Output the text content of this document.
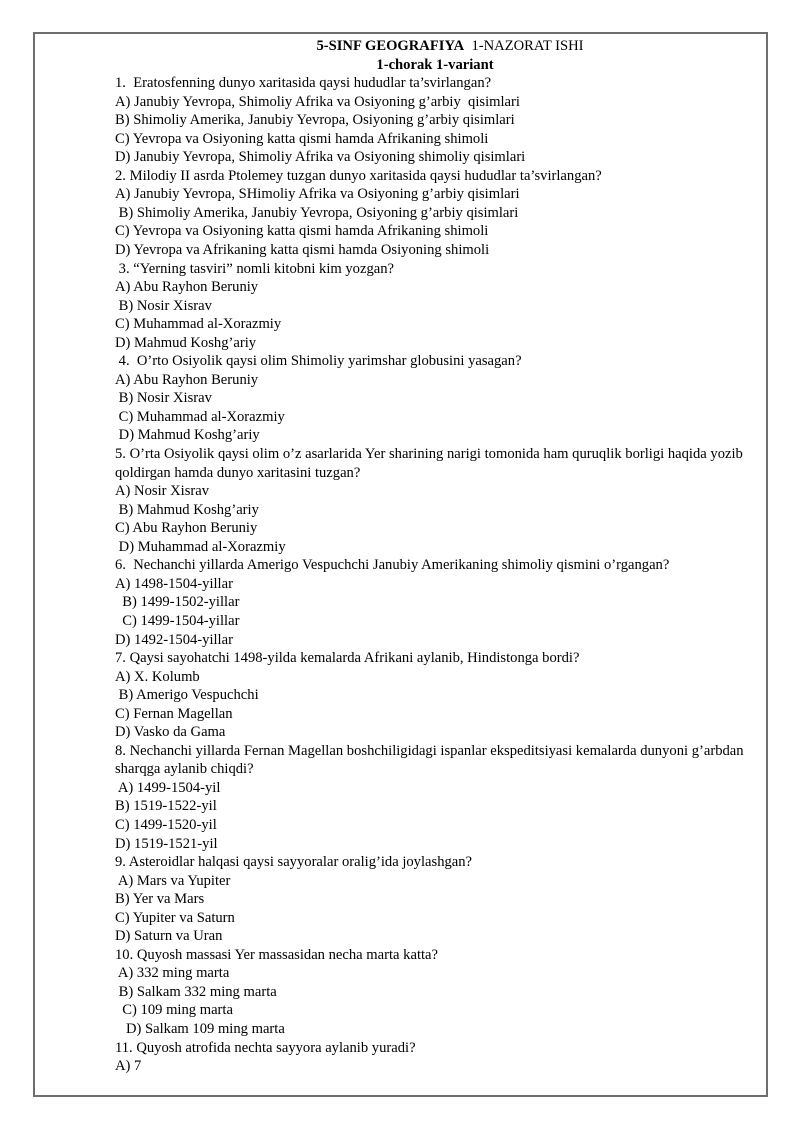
5-SINF GEOGRAFIYA 1-NAZORAT ISHI
1-chorak 1-variant
1.  Eratosfenning dunyo xaritasida qaysi hududlar ta’svirlangan?
A) Janubiy Yevropa, Shimoliy Afrika va Osiyoning g’arbiy  qisimlari
B) Shimoliy Amerika, Janubiy Yevropa, Osiyoning g’arbiy qisimlari
C) Yevropa va Osiyoning katta qismi hamda Afrikaning shimoli
D) Janubiy Yevropa, Shimoliy Afrika va Osiyoning shimoliy qisimlari
2. Milodiy II asrda Ptolemey tuzgan dunyo xaritasida qaysi hududlar ta’svirlangan?
A) Janubiy Yevropa, SHimoliy Afrika va Osiyoning g’arbiy qisimlari
B) Shimoliy Amerika, Janubiy Yevropa, Osiyoning g’arbiy qisimlari
C) Yevropa va Osiyoning katta qismi hamda Afrikaning shimoli
D) Yevropa va Afrikaning katta qismi hamda Osiyoning shimoli
3. “Yerning tasviri” nomli kitobni kim yozgan?
A) Abu Rayhon Beruniy
B) Nosir Xisrav
C) Muhammad al-Xorazmiy
D) Mahmud Koshg’ariy
4.  O’rto Osiyolik qaysi olim Shimoliy yarimshar globusini yasagan?
A) Abu Rayhon Beruniy
B) Nosir Xisrav
C) Muhammad al-Xorazmiy
D) Mahmud Koshg’ariy
5. O’rta Osiyolik qaysi olim o’z asarlarida Yer sharining narigi tomonida ham quruqlik borligi haqida yozib qoldirgan hamda dunyo xaritasini tuzgan?
A) Nosir Xisrav
B) Mahmud Koshg’ariy
C) Abu Rayhon Beruniy
D) Muhammad al-Xorazmiy
6.  Nechanchi yillarda Amerigo Vespuchchi Janubiy Amerikaning shimoliy qismini o’rgangan?
A) 1498-1504-yillar
B) 1499-1502-yillar
C) 1499-1504-yillar
D) 1492-1504-yillar
7. Qaysi sayohatchi 1498-yilda kemalarda Afrikani aylanib, Hindistonga bordi?
A) X. Kolumb
B) Amerigo Vespuchchi
C) Fernan Magellan
D) Vasko da Gama
8. Nechanchi yillarda Fernan Magellan boshchiligidagi ispanlar ekspeditsiyasi kemalarda dunyoni g’arbdan sharqga aylanib chiqdi?
A) 1499-1504-yil
B) 1519-1522-yil
C) 1499-1520-yil
D) 1519-1521-yil
9. Asteroidlar halqasi qaysi sayyoralar oralig’ida joylashgan?
A) Mars va Yupiter
B) Yer va Mars
C) Yupiter va Saturn
D) Saturn va Uran
10. Quyosh massasi Yer massasidan necha marta katta?
A) 332 ming marta
B) Salkam 332 ming marta
C) 109 ming marta
D) Salkam 109 ming marta
11. Quyosh atrofida nechta sayyora aylanib yuradi?
A) 7
